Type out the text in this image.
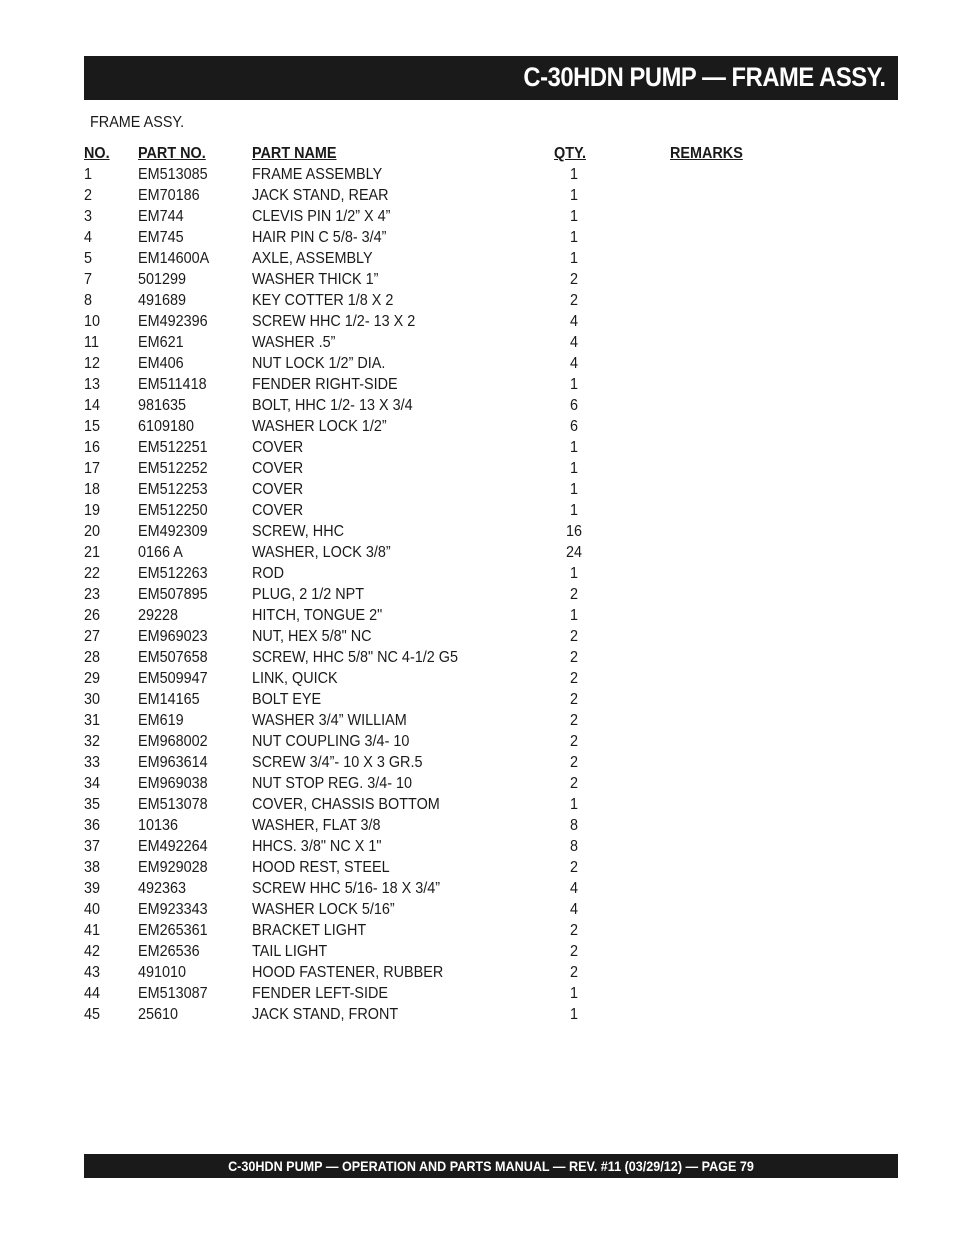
C-30HDN PUMP — FRAME ASSY.
FRAME ASSY.
NO. PART NO.	PART NAME	QTY.	REMARKS
1	EM513085	FRAME ASSEMBLY	1
2	EM70186	JACK STAND, REAR	1
3	EM744	CLEVIS PIN 1/2” X 4”	1
4	EM745	HAIR PIN C 5/8- 3/4”	1
5	EM14600A	AXLE, ASSEMBLY	1
7	501299	WASHER THICK 1”	2
8	491689	KEY COTTER 1/8 X 2	2
10 EM492396	SCREW HHC 1/2- 13 X 2	4
11 EM621	WASHER .5”	4
12 EM406	NUT LOCK 1/2” DIA.	4
13 EM511418	FENDER RIGHT-SIDE	1
14 981635	BOLT, HHC 1/2- 13 X 3/4	6
15 6109180	WASHER LOCK 1/2”	6
16 EM512251	COVER	1
17 EM512252	COVER	1
18 EM512253	COVER	1
19 EM512250	COVER	1
20 EM492309	SCREW, HHC	16
21 0166 A	WASHER, LOCK 3/8”	24
22 EM512263	ROD	1
23 EM507895	PLUG, 2 1/2 NPT	2
26 29228	HITCH, TONGUE 2"	1
27 EM969023	NUT, HEX 5/8" NC	2
28 EM507658	SCREW, HHC 5/8" NC 4-1/2 G5	2
29 EM509947	LINK, QUICK	2
30 EM14165	BOLT EYE	2
31 EM619	WASHER 3/4” WILLIAM	2
32 EM968002	NUT COUPLING 3/4- 10	2
33 EM963614	SCREW 3/4”- 10 X 3 GR.5	2
34 EM969038	NUT STOP REG. 3/4- 10	2
35 EM513078	COVER, CHASSIS BOTTOM	1
36 10136	WASHER, FLAT 3/8	8
37 EM492264	HHCS. 3/8" NC X 1"	8
38 EM929028	HOOD REST, STEEL	2
39 492363	SCREW HHC 5/16- 18 X 3/4”	4
40 EM923343	WASHER LOCK 5/16”	4
41 EM265361	BRACKET LIGHT	2
42 EM26536	TAIL LIGHT	2
43 491010	HOOD FASTENER, RUBBER	2
44 EM513087	FENDER LEFT-SIDE	1
45 25610	JACK STAND, FRONT	1
C-30HDN PUMP — OPERATION AND PARTS MANUAL — REV. #11 (03/29/12) — PAGE 79
